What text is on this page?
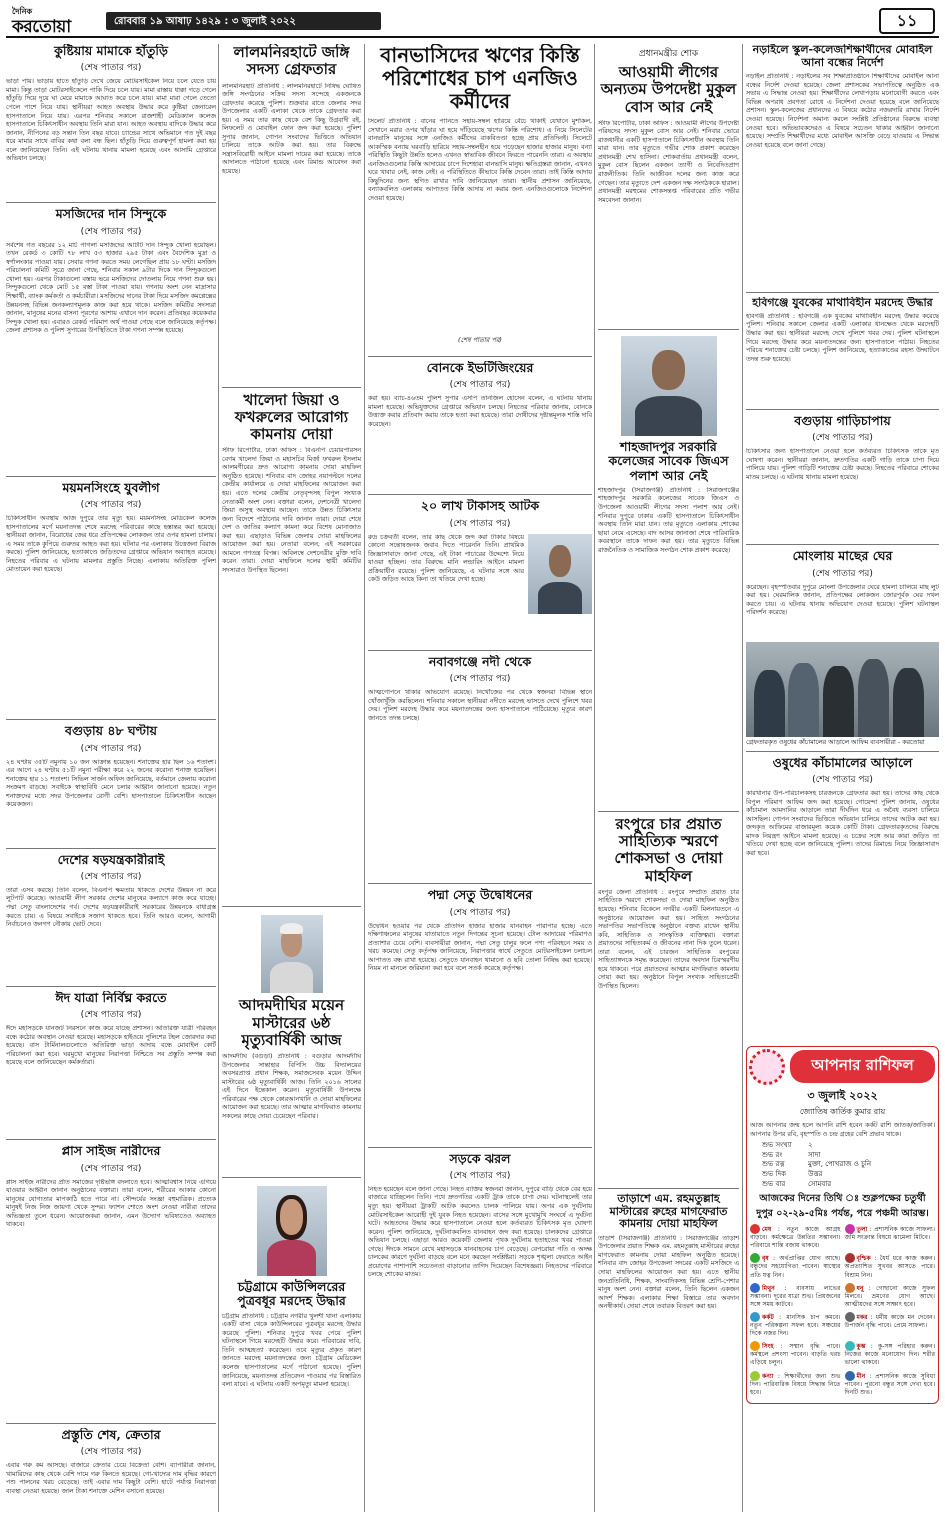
দৈনিক
করতোয়া	রোববার ১৯ আষাঢ় ১৪২৯ : ৩ জুলাই ২০২২	১১
কুষ্টিয়ায় মামাকে হাঁতুড়ি
(শেষ পাতার পর)
ভাড়া পায়। ভাড়ায় হাতে হাঁতুড়ি দেখে জেয়ে মোটরসাইকেল নিয়ে চলে যেতে চায় মামা। কিন্তু তাড়া মোটরসাইকেলে পাকি দিয়ে চলে যায়। মামা রাস্তায় ধাক্কা গড়ে গেলে হাঁতুড়ি দিয়ে দুয়ে ঘা মেরে মামাকে আঘাত করে চলে যায়। মামা মারা গেলে তেতো পেলে পাশে নিয়ে যায়। স্থানীয়রা আহত অবস্থায় উদ্ধার করে কুষ্টিয়া জেনারেল হাসপাতালে নিয়ে যায়। এরপর শনিবার সকালে রাজশাহী মেডিক্যাল কলেজ হাসপাতালে চিকিৎসাধীন অবস্থায় তিনি মারা যান। আহত অবস্থায় বাদিকে উদ্ধার করে জানান, নীপিনের বড় সন্তান তিন বছর যাবে। চ্যান্ডের সাথে অভিমানে গত দুই বছর ধরে মামার সাথে বাবির কথা বলা বন্ধ ছিল। হাঁতুড়ি দিয়ে গুরুত্বপূর্ণ হামলা করা হয় বলে জানিয়েছেন তিনি। এই ঘটনায় থানায় মামলা হয়েছে এবং আসামি গ্রেপ্তারে অভিযান চলছে।
মসজিদের দান সিন্দুকে
(শেষ পাতার পর)
সর্বশেষ গত বছরের ১২ মার্চ পাগলা মসজিদের আটটি দান সিন্দুক খোলা হয়েছিল। তখন রেকর্ড ৩ কোটি ৭৮ লাখ ৫৩ হাজার ২৯৫ টাকা এবং বৈদেশিক মুদ্রা ও স্বর্ণালংকার পাওয়া যায়। সেবার গণনা করতে সময় লেগেছিল প্রায় ১৮ ঘণ্টা। মসজিদ পরিচালনা কমিটি সূত্রে জানা গেছে, শনিবার সকাল ৯টার দিকে দান সিন্দুকগুলো খোলা হয়। এরপর টাকাগুলো বস্তায় ভরে মসজিদের দোতলায় নিয়ে গণনা শুরু হয়। সিন্দুকগুলো থেকে মোট ১৫ বস্তা টাকা পাওয়া যায়। গণনায় অংশ নেন মাদ্রাসার শিক্ষার্থী, ব্যাংক কর্মকর্তা ও কর্মচারীরা। মসজিদের দানের টাকা দিয়ে মসজিদ কমপ্লেক্সের উন্নয়নসহ বিভিন্ন জনকল্যাণমূলক কাজ করা হয়ে থাকে। মসজিদ কমিটির সদস্যরা জানান, মানুষের মনের বাসনা পূরণের আশায় এখানে দান করেন। প্রতিবছর কয়েকবার সিন্দুক খোলা হয়। এবারও রেকর্ড পরিমাণ অর্থ পাওয়া গেছে বলে জানিয়েছে কর্তৃপক্ষ। জেলা প্রশাসক ও পুলিশ সুপারের উপস্থিতিতে টাকা গণনা সম্পন্ন হয়েছে।
ময়মনসিংহে যুবলীগ
(শেষ পাতার পর)
চিকিৎসাধীন অবস্থায় আজ দুপুরে তার মৃত্যু হয়। ময়মনসিংহ মেডিকেল কলেজ হাসপাতালের মর্গে ময়নাতদন্ত শেষে মরদেহ পরিবারের কাছে হস্তান্তর করা হয়েছে। স্থানীয়রা জানান, বিরোধের জের ধরে প্রতিপক্ষের লোকজন তার ওপর হামলা চালায়। এ সময় তাকে কুপিয়ে গুরুতর আহত করা হয়। ঘটনার পর এলাকায় উত্তেজনা বিরাজ করছে। পুলিশ জানিয়েছে, হত্যাকাণ্ডে জড়িতদের গ্রেপ্তারে অভিযান অব্যাহত রয়েছে। নিহতের পরিবার এ ঘটনায় মামলার প্রস্তুতি নিচ্ছে। এলাকায় অতিরিক্ত পুলিশ মোতায়েন করা হয়েছে।
বগুড়ায় ৪৮ ঘণ্টায়
(শেষ পাতার পর)
২৪ ঘণ্টায় ৩৫টি নমুনায় ১০ জন আক্রান্ত হয়েছেন। শনাক্তের হার ছিল ১৬ শতাংশ। এর আগে ২৪ ঘণ্টায় ৫১টি নমুনা পরীক্ষা করে ২২ জনের করোনা শনাক্ত হয়েছিল। শনাক্তের হার ১১ শতাংশ। সিভিল সার্জন অফিস জানিয়েছে, বর্তমানে জেলায় করোনা সংক্রমণ বাড়ছে। সবাইকে স্বাস্থ্যবিধি মেনে চলার আহ্বান জানানো হয়েছে। নতুন শনাক্তদের মধ্যে সদর উপজেলার রোগী বেশি। হাসপাতালে চিকিৎসাধীন আছেন কয়েকজন।
দেশের ষড়যন্ত্রকারীরাই
(শেষ পাতার পর)
তারা এসব করছে। তিনি বলেন, বিএনপি ক্ষমতায় থাকতে দেশের উন্নয়ন না করে লুটপাট করেছে। আওয়ামী লীগ সরকার দেশের মানুষের কল্যাণে কাজ করে যাচ্ছে। পদ্মা সেতু বাংলাদেশের গর্ব। দেশের ষড়যন্ত্রকারীরাই সরকারের উন্নয়নকে বাধাগ্রস্ত করতে চায়। এ বিষয়ে সবাইকে সজাগ থাকতে হবে। তিনি আরও বলেন, আগামী নির্বাচনেও জনগণ নৌকায় ভোট দেবে।
ঈদ যাত্রা নির্বিঘ্ন করতে
(শেষ পাতার পর)
ঈদে মহাসড়কে যানজট নিরসনে কাজ করে যাচ্ছে প্রশাসন। অতিরিক্ত যাত্রী পরিবহন বন্ধে কঠোর অবস্থান নেওয়া হয়েছে। মহাসড়কে হাইওয়ে পুলিশের টহল জোরদার করা হয়েছে। বাস টার্মিনালগুলোতে অতিরিক্ত ভাড়া আদায় বন্ধে মোবাইল কোর্ট পরিচালনা করা হবে। ঘরমুখো মানুষের নিরাপত্তা নিশ্চিতে সব প্রস্তুতি সম্পন্ন করা হয়েছে বলে জানিয়েছেন কর্মকর্তারা।
প্লাস সাইজ নারীদের
(শেষ পাতার পর)
প্লাস সাইজ নারীদের প্রতি সমাজের দৃষ্টিভঙ্গি বদলাতে হবে। আত্মবিশ্বাস নিয়ে এগিয়ে যাওয়ার আহ্বান জানান অনুষ্ঠানের বক্তারা। তারা বলেন, শরীরের আকার কোনো মানুষের যোগ্যতার মাপকাঠি হতে পারে না। সৌন্দর্যের সংজ্ঞা বহুমাত্রিক। প্রত্যেক মানুষই নিজ নিজ জায়গা থেকে সুন্দর। ফ্যাশন শোতে অংশ নেওয়া নারীরা তাদের অভিজ্ঞতা তুলে ধরেন। আয়োজকরা জানান, এমন উদ্যোগ ভবিষ্যতেও অব্যাহত থাকবে।
প্রস্তুতি শেষ, ক্রেতার
(শেষ পাতার পর)
এবার গরু কম আসছে। বাজারে ক্রেতার চেয়ে বিক্রেতা বেশি। ব্যাপারীরা জানান, খামারিদের কাছ থেকে বেশি দামে গরু কিনতে হয়েছে। গো-খাদ্যের দাম বৃদ্ধির কারণে পশু পালনের খরচ বেড়েছে। তাই এবার দাম কিছুটা বেশি। হাটে পর্যাপ্ত নিরাপত্তা ব্যবস্থা নেওয়া হয়েছে। জাল টাকা শনাক্তে মেশিন বসানো হয়েছে।
লালমনিরহাটে জঙ্গি সদস্য গ্রেফতার
লালমনিরহাট প্রতিনিধি : লালমনিরহাটে নিষিদ্ধ ঘোষিত জঙ্গি সংগঠনের সক্রিয় সদস্য সন্দেহে একজনকে গ্রেফতার করেছে পুলিশ। শুক্রবার রাতে জেলার সদর উপজেলার একটি এলাকা থেকে তাকে গ্রেফতার করা হয়। এ সময় তার কাছ থেকে বেশ কিছু উগ্রবাদী বই, লিফলেট ও মোবাইল ফোন জব্দ করা হয়েছে। পুলিশ সুপার জানান, গোপন সংবাদের ভিত্তিতে অভিযান চালিয়ে তাকে আটক করা হয়। তার বিরুদ্ধে সন্ত্রাসবিরোধী আইনে মামলা দায়ের করা হয়েছে। তাকে আদালতে পাঠানো হয়েছে এবং রিমান্ড আবেদন করা হয়েছে।
খালেদা জিয়া ও ফখরুলের আরোগ্য কামনায় দোয়া
স্টাফ রিপোর্টার, ঢাকা অফিস : বিএনপি চেয়ারপারসন বেগম খালেদা জিয়া ও মহাসচিব মির্জা ফখরুল ইসলাম আলমগীরের দ্রুত আরোগ্য কামনায় দোয়া মাহফিল অনুষ্ঠিত হয়েছে। শনিবার বাদ জোহর নয়াপল্টনে দলের কেন্দ্রীয় কার্যালয়ে এ দোয়া মাহফিলের আয়োজন করা হয়। এতে দলের কেন্দ্রীয় নেতৃবৃন্দসহ বিপুল সংখ্যক নেতাকর্মী অংশ নেন। বক্তারা বলেন, দেশনেত্রী খালেদা জিয়া অসুস্থ অবস্থায় আছেন। তাকে উন্নত চিকিৎসার জন্য বিদেশে পাঠানোর দাবি জানান তারা। দোয়া শেষে দেশ ও জাতির কল্যাণ কামনা করে বিশেষ মোনাজাত করা হয়। এছাড়াও বিভিন্ন জেলায় দোয়া মাহফিলের আয়োজন করা হয়। নেতারা বলেন, এই সরকারের আমলে গণতন্ত্র বিপন্ন। অবিলম্বে দেশনেত্রীর মুক্তি দাবি করেন তারা। দোয়া মাহফিলে দলের স্থায়ী কমিটির সদস্যরাও উপস্থিত ছিলেন।
আদমদীঘির ময়েন মাস্টারের ৬ষ্ঠ মৃত্যুবার্ষিকী আজ
আদমদীঘি (বগুড়া) প্রতিনিধি : বগুড়ার আদমদীঘি উপজেলার সান্তাহার বিপিসি উচ্চ বিদ্যালয়ের অবসরপ্রাপ্ত প্রধান শিক্ষক, সমাজসেবক ময়েন উদ্দিন মাস্টারের ৬ষ্ঠ মৃত্যুবার্ষিকী আজ। তিনি ২০১৬ সালের এই দিনে ইন্তেকাল করেন। মৃত্যুবার্ষিকী উপলক্ষে পরিবারের পক্ষ থেকে কোরআনখানি ও দোয়া মাহফিলের আয়োজন করা হয়েছে। তার আত্মার মাগফিরাত কামনায় সকলের কাছে দোয়া চেয়েছেন পরিবার।
চট্টগ্রামে কাউন্সিলরের পুত্রবধূর মরদেহ উদ্ধার
চট্টগ্রাম প্রতিনিধি : চট্টগ্রাম নগরীর খুলশী থানা এলাকায় একটি বাসা থেকে কাউন্সিলরের পুত্রবধূর মরদেহ উদ্ধার করেছে পুলিশ। শনিবার দুপুরে খবর পেয়ে পুলিশ ঘটনাস্থলে গিয়ে মরদেহটি উদ্ধার করে। পরিবারের দাবি, তিনি আত্মহত্যা করেছেন। তবে মৃত্যুর প্রকৃত কারণ জানতে মরদেহ ময়নাতদন্তের জন্য চট্টগ্রাম মেডিকেল কলেজ হাসপাতালের মর্গে পাঠানো হয়েছে। পুলিশ জানিয়েছে, ময়নাতদন্ত প্রতিবেদন পাওয়ার পর বিস্তারিত বলা যাবে। এ ঘটনায় একটি অপমৃত্যু মামলা হয়েছে।
বানভাসিদের ঋণের কিস্তি পরিশোধের চাপ এনজিও কর্মীদের
সিলেট প্রতিনিধি : বানের পানিতে সহায়-সম্বল হারিয়ে বেঁচে থাকাই যেখানে মুশকিল, সেখানে মরার ওপর খাঁড়ার ঘা হয়ে দাঁড়িয়েছে ঋণের কিস্তি পরিশোধ। এ নিয়ে সিলেটের বানভাসি মানুষের সঙ্গে এনজিও কর্মীদের বাকবিতণ্ডা হচ্ছে প্রায় প্রতিদিনই। সিলেটে আকস্মিক বন্যায় ঘরবাড়ি হারিয়ে সহায়-সম্বলহীন হয়ে পড়েছেন হাজার হাজার মানুষ। বন্যা পরিস্থিতি কিছুটা উন্নতি হলেও এখনও স্বাভাবিক জীবনে ফিরতে পারেননি তারা। এ অবস্থায় এনজিওগুলোর কিস্তি আদায়ের চাপে দিশেহারা বানভাসি মানুষ। ক্ষতিগ্রস্তরা জানান, এখনও ঘরে খাবার নেই, কাজ নেই। এ পরিস্থিতিতে কীভাবে কিস্তি দেবেন তারা। তাই কিস্তি আদায় কিছুদিনের জন্য স্থগিত রাখার দাবি জানিয়েছেন তারা। স্থানীয় প্রশাসন জানিয়েছে, বন্যাকবলিত এলাকায় আপাতত কিস্তি আদায় না করার জন্য এনজিওগুলোকে নির্দেশনা দেওয়া হয়েছে।
(শেষ পাতার পর)
বোনকে ইভটিজিংয়ের
(শেষ পাতার পর)
করা হয়। ব্যাচ-৪৬তম পুলিশ সুপার এসপি তানজিল হোসেন বলেন, এ ঘটনায় থানায় মামলা হয়েছে। অভিযুক্তদের গ্রেপ্তারে অভিযান চলছে। নিহতের পরিবার জানায়, বোনকে উত্ত্যক্ত করার প্রতিবাদ করায় তাকে হত্যা করা হয়েছে। তারা দোষীদের দৃষ্টান্তমূলক শাস্তি দাবি করেছেন।
২০ লাখ টাকাসহ আটক
(শেষ পাতার পর)
রুদ্র চক্রবর্তী বলেন, তার কাছ থেকে জব্দ করা টাকার বিষয়ে কোনো সন্তোষজনক জবাব দিতে পারেননি তিনি। প্রাথমিক জিজ্ঞাসাবাদে জানা গেছে, এই টাকা পাচারের উদ্দেশ্যে নিয়ে যাওয়া হচ্ছিল। তার বিরুদ্ধে মানি লন্ডারিং আইনে মামলা প্রক্রিয়াধীন রয়েছে। পুলিশ জানিয়েছে, এ ঘটনার সঙ্গে আর কেউ জড়িত আছে কিনা তা খতিয়ে দেখা হচ্ছে।
নবাবগঞ্জে নদী থেকে
(শেষ পাতার পর)
আত্মগোপনে থাকার অভিযোগ রয়েছে। নিখোঁজের পর থেকে স্বজনরা বিভিন্ন স্থানে খোঁজাখুঁজি করছিলেন। শনিবার সকালে স্থানীয়রা নদীতে মরদেহ ভাসতে দেখে পুলিশে খবর দেয়। পুলিশ মরদেহ উদ্ধার করে ময়নাতদন্তের জন্য হাসপাতালে পাঠিয়েছে। মৃত্যুর কারণ জানতে তদন্ত চলছে।
পদ্মা সেতু উদ্বোধনের
(শেষ পাতার পর)
উদ্বোধন হওয়ার পর থেকে প্রতিদিন হাজার হাজার যানবাহন পারাপার হচ্ছে। এতে দক্ষিণাঞ্চলের মানুষের যাতায়াতে নতুন দিগন্তের সূচনা হয়েছে। টোল আদায়ের পরিমাণও প্রত্যাশার চেয়ে বেশি। ব্যবসায়ীরা জানান, পদ্মা সেতু চালুর ফলে পণ্য পরিবহনে সময় ও খরচ কমেছে। সেতু কর্তৃপক্ষ জানিয়েছে, নিরাপত্তার স্বার্থে সেতুতে মোটরসাইকেল চলাচল আপাতত বন্ধ রাখা হয়েছে। সেতুতে যানবাহন থামানো ও ছবি তোলা নিষিদ্ধ করা হয়েছে। নিয়ম না মানলে জরিমানা করা হবে বলে সতর্ক করেছে কর্তৃপক্ষ।
সড়কে ঝরল
(শেষ পাতার পর)
নিহত হয়েছেন বলে জানা গেছে। নিহত ব্যক্তির স্বজনরা জানান, দুপুরে বাড়ি থেকে বের হয়ে বাজারে যাচ্ছিলেন তিনি। পথে দ্রুতগতির একটি ট্রাক তাকে চাপা দেয়। ঘটনাস্থলেই তার মৃত্যু হয়। স্থানীয়রা ট্রাকটি আটক করলেও চালক পালিয়ে যায়। অপর এক দুর্ঘটনায় মোটরসাইকেল আরোহী দুই যুবক নিহত হয়েছেন। বাসের সঙ্গে মুখোমুখি সংঘর্ষে এ দুর্ঘটনা ঘটে। আহতদের উদ্ধার করে হাসপাতালে নেওয়া হলে কর্তব্যরত চিকিৎসক মৃত ঘোষণা করেন। পুলিশ জানিয়েছে, দুর্ঘটনাকবলিত যানবাহন জব্দ করা হয়েছে। চালকদের গ্রেপ্তারে অভিযান চলছে। এছাড়া আরও কয়েকটি জেলায় পৃথক দুর্ঘটনায় হতাহতের খবর পাওয়া গেছে। ঈদকে সামনে রেখে মহাসড়কে যানবাহনের চাপ বেড়েছে। বেপরোয়া গতি ও অদক্ষ চালকের কারণে দুর্ঘটনা বাড়ছে বলে মনে করছেন সংশ্লিষ্টরা। সড়কে শৃঙ্খলা ফেরাতে আইন প্রয়োগের পাশাপাশি সচেতনতা বাড়ানোর তাগিদ দিয়েছেন বিশেষজ্ঞরা। নিহতদের পরিবারে চলছে শোকের মাতম।
প্রধানমন্ত্রীর শোক
আওয়ামী লীগের অন্যতম উপদেষ্টা মুকুল বোস আর নেই
স্টাফ রিপোর্টার, ঢাকা অফিস : আওয়ামী লীগের উপদেষ্টা পরিষদের সদস্য মুকুল বোস আর নেই। শনিবার ভোরে রাজধানীর একটি হাসপাতালে চিকিৎসাধীন অবস্থায় তিনি মারা যান। তার মৃত্যুতে গভীর শোক প্রকাশ করেছেন প্রধানমন্ত্রী শেখ হাসিনা। শোকবার্তায় প্রধানমন্ত্রী বলেন, মুকুল বোস ছিলেন একজন ত্যাগী ও নিবেদিতপ্রাণ রাজনীতিক। তিনি আজীবন দলের জন্য কাজ করে গেছেন। তার মৃত্যুতে দেশ একজন দক্ষ সংগঠককে হারাল। প্রধানমন্ত্রী মরহুমের শোকসন্তপ্ত পরিবারের প্রতি গভীর সমবেদনা জানান।
শাহজাদপুর সরকারি কলেজের সাবেক জিএস পলাশ আর নেই
শাহজাদপুর (সিরাজগঞ্জ) প্রতিনিধি : সিরাজগঞ্জের শাহজাদপুর সরকারি কলেজের সাবেক জিএস ও উপজেলা আওয়ামী লীগের সদস্য পলাশ আর নেই। শনিবার দুপুরে ঢাকার একটি হাসপাতালে চিকিৎসাধীন অবস্থায় তিনি মারা যান। তার মৃত্যুতে এলাকায় শোকের ছায়া নেমে এসেছে। বাদ আসর জানাজা শেষে পারিবারিক কবরস্থানে তাকে দাফন করা হয়। তার মৃত্যুতে বিভিন্ন রাজনৈতিক ও সামাজিক সংগঠন শোক প্রকাশ করেছে।
রংপুরে চার প্রয়াত সাহিত্যিক স্মরণে শোকসভা ও দোয়া মাহফিল
রংপুর জেলা প্রতিনিধি : রংপুরে সম্প্রতি প্রয়াত চার সাহিত্যিক স্মরণে শোকসভা ও দোয়া মাহফিল অনুষ্ঠিত হয়েছে। শনিবার বিকেলে নগরীর একটি মিলনায়তনে এ অনুষ্ঠানের আয়োজন করা হয়। সাহিত্য সংগঠনের সভাপতির সভাপতিত্বে অনুষ্ঠানে বক্তব্য রাখেন স্থানীয় কবি, সাহিত্যিক ও সাংস্কৃতিক ব্যক্তিত্বরা। বক্তারা প্রয়াতদের সাহিত্যকর্ম ও জীবনের নানা দিক তুলে ধরেন। তারা বলেন, এই চারজন সাহিত্যিক রংপুরের সাহিত্যাঙ্গনকে সমৃদ্ধ করেছেন। তাদের অবদান চিরস্মরণীয় হয়ে থাকবে। পরে প্রয়াতদের আত্মার মাগফিরাত কামনায় দোয়া করা হয়। অনুষ্ঠানে বিপুল সংখ্যক সাহিত্যপ্রেমী উপস্থিত ছিলেন।
তাড়াশে এম. রহমতুল্লাহ মাস্টারের রুহের মাগফেরাত কামনায় দোয়া মাহফিল
তাড়াশ (সিরাজগঞ্জ) প্রতিনিধি : সিরাজগঞ্জের তাড়াশ উপজেলার প্রয়াত শিক্ষক এম. রহমতুল্লাহ মাস্টারের রুহের মাগফেরাত কামনায় দোয়া মাহফিল অনুষ্ঠিত হয়েছে। শনিবার বাদ জোহর উপজেলা সদরের একটি মসজিদে এ দোয়া মাহফিলের আয়োজন করা হয়। এতে স্থানীয় জনপ্রতিনিধি, শিক্ষক, সাংবাদিকসহ বিভিন্ন শ্রেণি-পেশার মানুষ অংশ নেন। বক্তারা বলেন, তিনি ছিলেন একজন আদর্শ শিক্ষক। এলাকার শিক্ষা বিস্তারে তার অবদান অনস্বীকার্য। দোয়া শেষে তবারক বিতরণ করা হয়।
নড়াইলে স্কুল-কলেজশিক্ষার্থীদের মোবাইল আনা বন্ধের নির্দেশ
নড়াইল প্রতিনিধি : নড়াইলের সব শিক্ষাপ্রতিষ্ঠানে শিক্ষার্থীদের মোবাইল আনা বন্ধের নির্দেশ দেওয়া হয়েছে। জেলা প্রশাসকের সভাপতিত্বে অনুষ্ঠিত এক সভায় এ সিদ্ধান্ত নেওয়া হয়। শিক্ষার্থীদের লেখাপড়ায় মনোযোগী করতে এবং বিভিন্ন অপরাধ প্রবণতা রোধে এ নির্দেশনা দেওয়া হয়েছে বলে জানিয়েছে প্রশাসন। স্কুল-কলেজের প্রধানদের এ বিষয়ে কঠোর নজরদারি রাখার নির্দেশ দেওয়া হয়েছে। নির্দেশনা অমান্য করলে সংশ্লিষ্ট প্রতিষ্ঠানের বিরুদ্ধে ব্যবস্থা নেওয়া হবে। অভিভাবকদেরও এ বিষয়ে সচেতন থাকার আহ্বান জানানো হয়েছে। সম্প্রতি শিক্ষার্থীদের মধ্যে মোবাইল আসক্তি বেড়ে যাওয়ায় এ সিদ্ধান্ত নেওয়া হয়েছে বলে জানা গেছে।
হবিগঞ্জে যুবকের মাথাবিহীন মরদেহ উদ্ধার
হবিগঞ্জ প্রতিনিধি : হবিগঞ্জে এক যুবকের মাথাবিহীন মরদেহ উদ্ধার করেছে পুলিশ। শনিবার সকালে জেলার একটি এলাকার ধানক্ষেত থেকে মরদেহটি উদ্ধার করা হয়। স্থানীয়রা মরদেহ দেখে পুলিশে খবর দেয়। পুলিশ ঘটনাস্থলে গিয়ে মরদেহ উদ্ধার করে ময়নাতদন্তের জন্য হাসপাতালে পাঠায়। নিহতের পরিচয় শনাক্তের চেষ্টা চলছে। পুলিশ জানিয়েছে, হত্যাকাণ্ডের রহস্য উদ্ঘাটনে তদন্ত শুরু হয়েছে।
বগুড়ায় গাড়িচাপায়
(শেষ পাতার পর)
চিকিৎসার জন্য হাসপাতালে নেওয়া হলে কর্তব্যরত চিকিৎসক তাকে মৃত ঘোষণা করেন। স্থানীয়রা জানান, দ্রুতগতির একটি গাড়ি তাকে চাপা দিয়ে পালিয়ে যায়। পুলিশ গাড়িটি শনাক্তের চেষ্টা করছে। নিহতের পরিবারে শোকের মাতম চলছে। এ ঘটনায় থানায় মামলা হয়েছে।
মোংলায় মাছের ঘের
(শেষ পাতার পর)
করেছেন। বৃহস্পতিবার দুপুরে মোংলা উপজেলার ঘেরে হামলা চালিয়ে মাছ লুট করা হয়। ঘেরমালিক জানান, প্রতিপক্ষের লোকজন জোরপূর্বক ঘের দখল করতে চায়। এ ঘটনায় থানায় অভিযোগ দেওয়া হয়েছে। পুলিশ ঘটনাস্থল পরিদর্শন করেছে।
গ্রেফতারকৃত ওষুধের কাঁচামালের আড়ালে আফিম ব্যবসায়ীরা - করতোয়া
ওষুধের কাঁচামালের আড়ালে
(শেষ পাতার পর)
কারখানার উপ-পরিচালকসহ চারজনকে গ্রেফতার করা হয়। তাদের কাছ থেকে বিপুল পরিমাণ আফিম জব্দ করা হয়েছে। গোয়েন্দা পুলিশ জানায়, ওষুধের কাঁচামাল আমদানির আড়ালে তারা দীর্ঘদিন ধরে এ অবৈধ ব্যবসা চালিয়ে আসছিল। গোপন সংবাদের ভিত্তিতে অভিযান চালিয়ে তাদের আটক করা হয়। জব্দকৃত আফিমের বাজারমূল্য কয়েক কোটি টাকা। গ্রেফতারকৃতদের বিরুদ্ধে মাদক নিয়ন্ত্রণ আইনে মামলা হয়েছে। এ চক্রের সঙ্গে আর কারা জড়িত তা খতিয়ে দেখা হচ্ছে বলে জানিয়েছে পুলিশ। তাদের রিমান্ডে নিয়ে জিজ্ঞাসাবাদ করা হবে।
আপনার রাশিফল
৩ জুলাই ২০২২
জ্যোতিষ কার্তিক কুমার রায়
আজ আপনার জন্ম হলে আপনি রাশি হবেন কর্কট রাশি জাতক/জাতিকা। আপনার উপর রবি, বৃহস্পতি ও চন্দ্র গ্রহের বেশি প্রভাব থাকে।
শুভ সংখ্যা	২
শুভ রং	সাদা
শুভ রত্ন	মুক্তা, পোখরাজ ও চুনি
শুভ দিক	উত্তর
শুভ বার	সোমবার
আজকের দিনের তিথি ঃ শুক্লপক্ষের চতুর্থী দুপুর ০২-২৯-৫মিঃ পর্যন্ত, পরে পঞ্চমী আরম্ভ।
মেষ : নতুন কাজে আগ্রহ বাড়বে। কর্মক্ষেত্রে উন্নতির সম্ভাবনা। পরিবারে শান্তি বজায় থাকবে।
তুলা : প্রশাসনিক কাজে সাফল্য। জমি সংক্রান্ত বিষয়ে ঝামেলা মিটবে।
বৃষ : অর্থপ্রাপ্তির যোগ আছে। বন্ধুদের সহযোগিতা পাবেন। স্বাস্থ্যের প্রতি যত্ন নিন।
বৃশ্চিক : ধৈর্য ধরে কাজ করুন। অপ্রত্যাশিত সুখবর আসতে পারে। বিশ্রাম নিন।
মিথুন : ব্যবসায় লাভের সম্ভাবনা। দূরের যাত্রা শুভ। প্রিয়জনের সঙ্গে সময় কাটবে।
ধনু : গোছানো কাজে সুফল মিলবে। ভ্রমণের যোগ আছে। আত্মীয়দের সঙ্গে সাক্ষাৎ হবে।
কর্কট : মানসিক চাপ কমবে। নতুন পরিকল্পনা সফল হবে। সঞ্চয়ের দিকে নজর দিন।
মকর : ধর্মীয় কাজে মন দেবেন। উপার্জন বৃদ্ধি পাবে। প্রেমে সাফল্য।
সিংহ : সম্মান বৃদ্ধি পাবে। কর্মস্থলে প্রশংসা পাবেন। বাড়তি খরচ এড়িয়ে চলুন।
কুম্ভ : কু-সঙ্গ পরিহার করুন। নিজের কাজে মনোযোগ দিন। শরীর ভালো থাকবে।
কন্যা : শিক্ষার্থীদের জন্য শুভ দিন। পারিবারিক বিষয়ে সিদ্ধান্ত নিতে হবে।
মীন : প্রশাসনিক কাজে সুবিধা পাবেন। পুরনো বন্ধুর সঙ্গে দেখা হবে। দিনটি শুভ।
